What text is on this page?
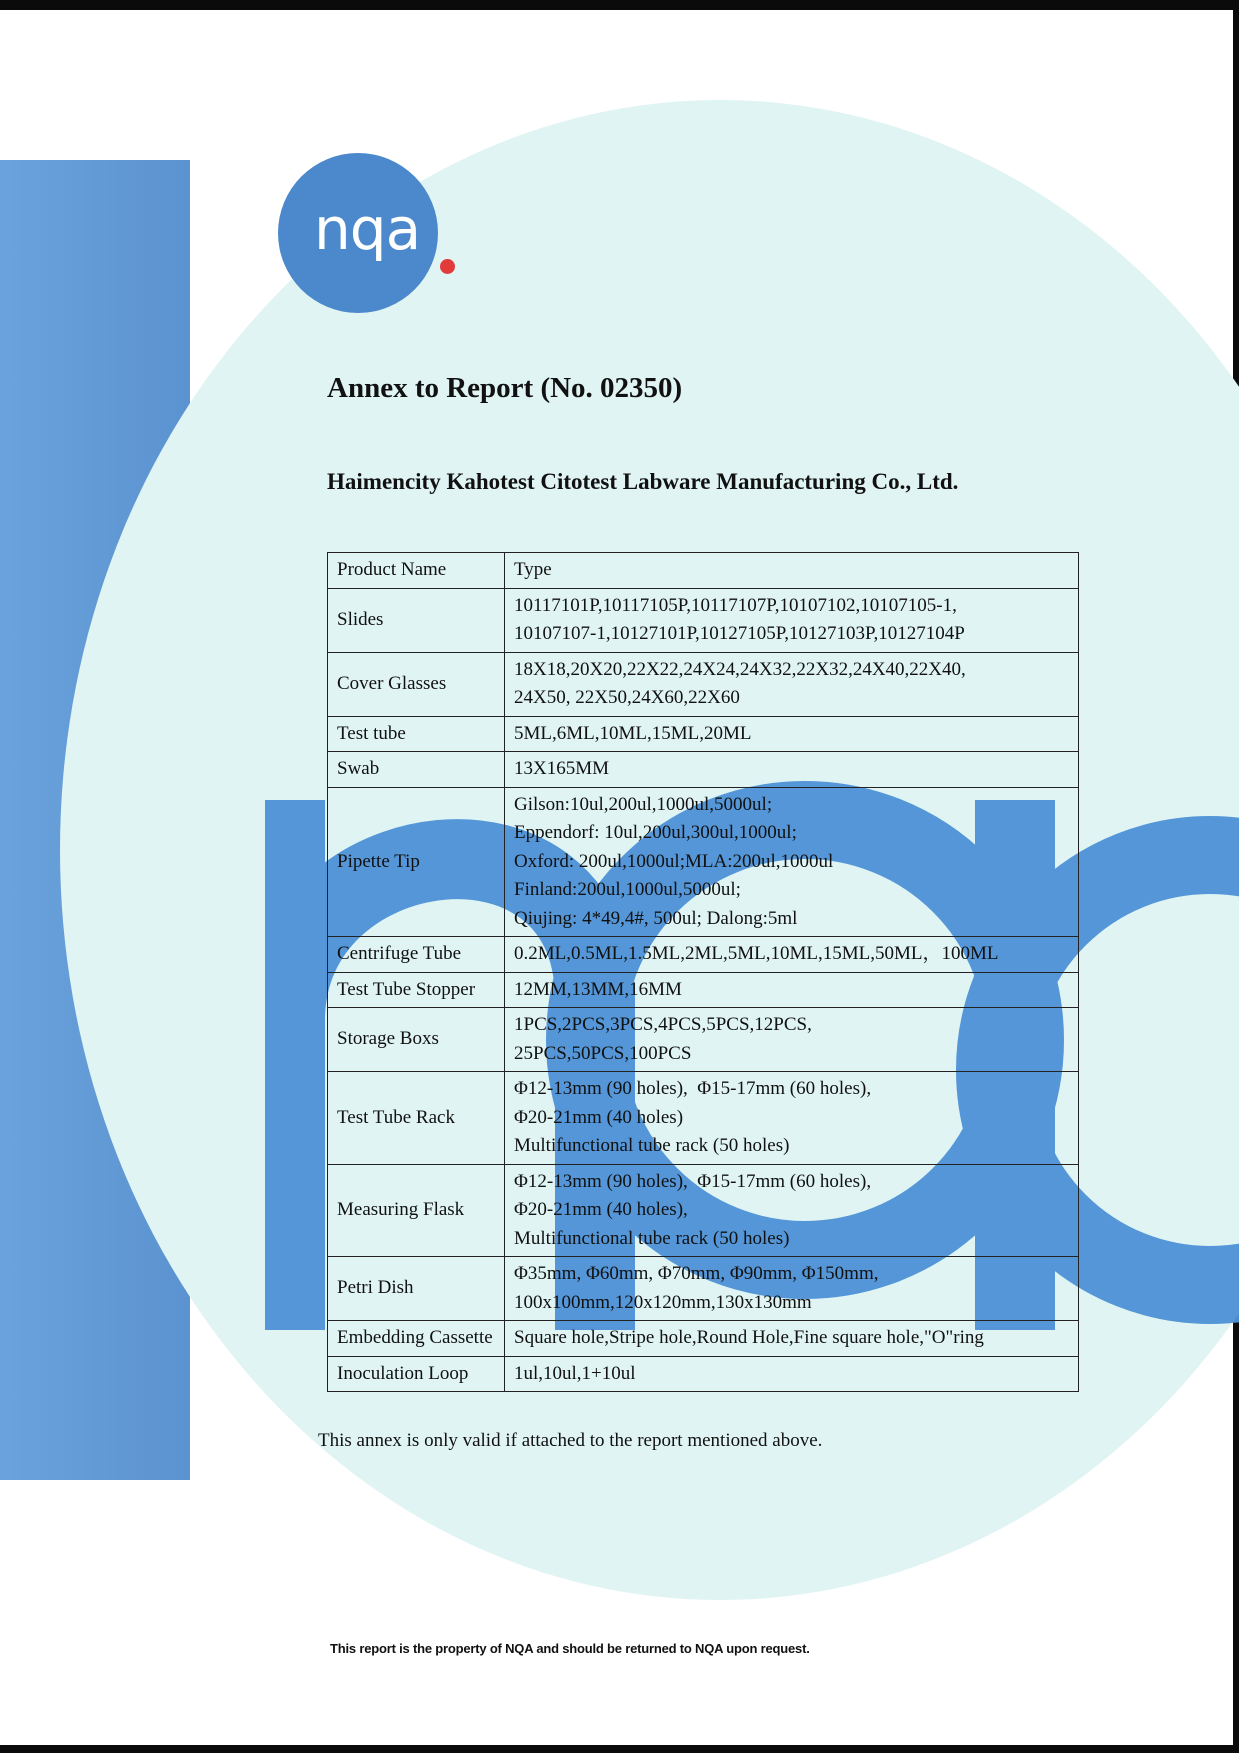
nqa
Annex to Report (No. 02350)
Haimencity Kahotest Citotest Labware Manufacturing Co., Ltd.
Product Name	Type
Slides	10117101P,10117105P,10117107P,10107102,10107105-1,
10107107-1,10127101P,10127105P,10127103P,10127104P

Cover Glasses	18X18,20X20,22X22,24X24,24X32,22X32,24X40,22X40,
24X50, 22X50,24X60,22X60

Test tube	5ML,6ML,10ML,15ML,20ML

Swab	13X165MM

Pipette Tip	Gilson:10ul,200ul,1000ul,5000ul;
Eppendorf: 10ul,200ul,300ul,1000ul;
Oxford: 200ul,1000ul;MLA:200ul,1000ul
Finland:200ul,1000ul,5000ul;
Qiujing: 4*49,4#, 500ul; Dalong:5ml

Centrifuge Tube	0.2ML,0.5ML,1.5ML,2ML,5ML,10ML,15ML,50ML，100ML

Test Tube Stopper	12MM,13MM,16MM

Storage Boxs	1PCS,2PCS,3PCS,4PCS,5PCS,12PCS,
25PCS,50PCS,100PCS

Test Tube Rack	Φ12-13mm (90 holes),  Φ15-17mm (60 holes),
Φ20-21mm (40 holes)
Multifunctional tube rack (50 holes)

Measuring Flask	Φ12-13mm (90 holes),  Φ15-17mm (60 holes),
Φ20-21mm (40 holes),
Multifunctional tube rack (50 holes)

Petri Dish	Φ35mm, Φ60mm, Φ70mm, Φ90mm, Φ150mm,
100x100mm,120x120mm,130x130mm

Embedding Cassette	Square hole,Stripe hole,Round Hole,Fine square hole,"O"ring

Inoculation Loop	1ul,10ul,1+10ul

This annex is only valid if attached to the report mentioned above.

This report is the property of NQA and should be returned to NQA upon request.
